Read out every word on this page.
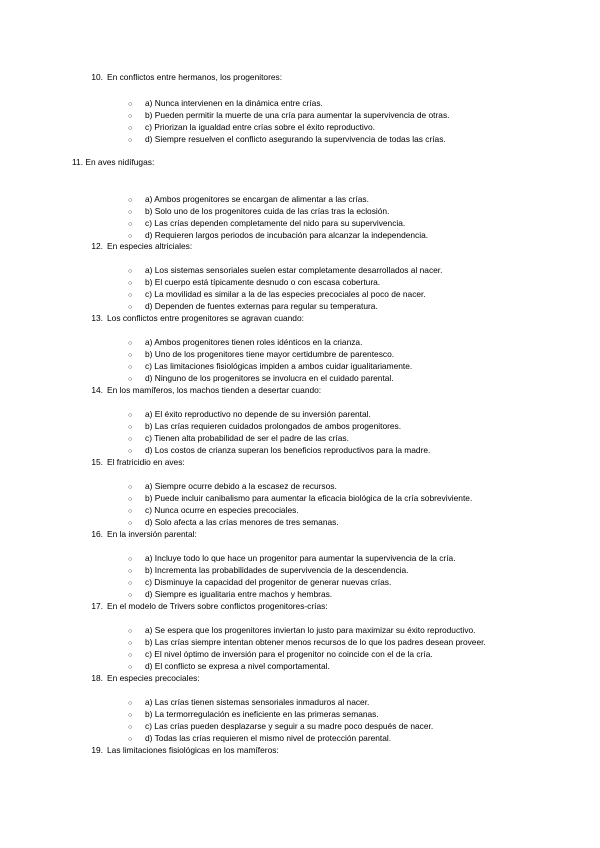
10. En conflictos entre hermanos, los progenitores:
○ a) Nunca intervienen en la dinámica entre crías.
○ b) Pueden permitir la muerte de una cría para aumentar la supervivencia de otras.
○ c) Priorizan la igualdad entre crías sobre el éxito reproductivo.
○ d) Siempre resuelven el conflicto asegurando la supervivencia de todas las crías.
11. En aves nidífugas:
○ a) Ambos progenitores se encargan de alimentar a las crías.
○ b) Solo uno de los progenitores cuida de las crías tras la eclosión.
○ c) Las crías dependen completamente del nido para su supervivencia.
○ d) Requieren largos periodos de incubación para alcanzar la independencia.
12. En especies altriciales:
○ a) Los sistemas sensoriales suelen estar completamente desarrollados al nacer.
○ b) El cuerpo está típicamente desnudo o con escasa cobertura.
○ c) La movilidad es similar a la de las especies precociales al poco de nacer.
○ d) Dependen de fuentes externas para regular su temperatura.
13. Los conflictos entre progenitores se agravan cuando:
○ a) Ambos progenitores tienen roles idénticos en la crianza.
○ b) Uno de los progenitores tiene mayor certidumbre de parentesco.
○ c) Las limitaciones fisiológicas impiden a ambos cuidar igualitariamente.
○ d) Ninguno de los progenitores se involucra en el cuidado parental.
14. En los mamíferos, los machos tienden a desertar cuando:
○ a) El éxito reproductivo no depende de su inversión parental.
○ b) Las crías requieren cuidados prolongados de ambos progenitores.
○ c) Tienen alta probabilidad de ser el padre de las crías.
○ d) Los costos de crianza superan los beneficios reproductivos para la madre.
15. El fratricidio en aves:
○ a) Siempre ocurre debido a la escasez de recursos.
○ b) Puede incluir canibalismo para aumentar la eficacia biológica de la cría sobreviviente.
○ c) Nunca ocurre en especies precociales.
○ d) Solo afecta a las crías menores de tres semanas.
16. En la inversión parental:
○ a) Incluye todo lo que hace un progenitor para aumentar la supervivencia de la cría.
○ b) Incrementa las probabilidades de supervivencia de la descendencia.
○ c) Disminuye la capacidad del progenitor de generar nuevas crías.
○ d) Siempre es igualitaria entre machos y hembras.
17. En el modelo de Trivers sobre conflictos progenitores-crías:
○ a) Se espera que los progenitores inviertan lo justo para maximizar su éxito reproductivo.
○ b) Las crías siempre intentan obtener menos recursos de lo que los padres desean proveer.
○ c) El nivel óptimo de inversión para el progenitor no coincide con el de la cría.
○ d) El conflicto se expresa a nivel comportamental.
18. En especies precociales:
○ a) Las crías tienen sistemas sensoriales inmaduros al nacer.
○ b) La termorregulación es ineficiente en las primeras semanas.
○ c) Las crías pueden desplazarse y seguir a su madre poco después de nacer.
○ d) Todas las crías requieren el mismo nivel de protección parental.
19. Las limitaciones fisiológicas en los mamíferos:
